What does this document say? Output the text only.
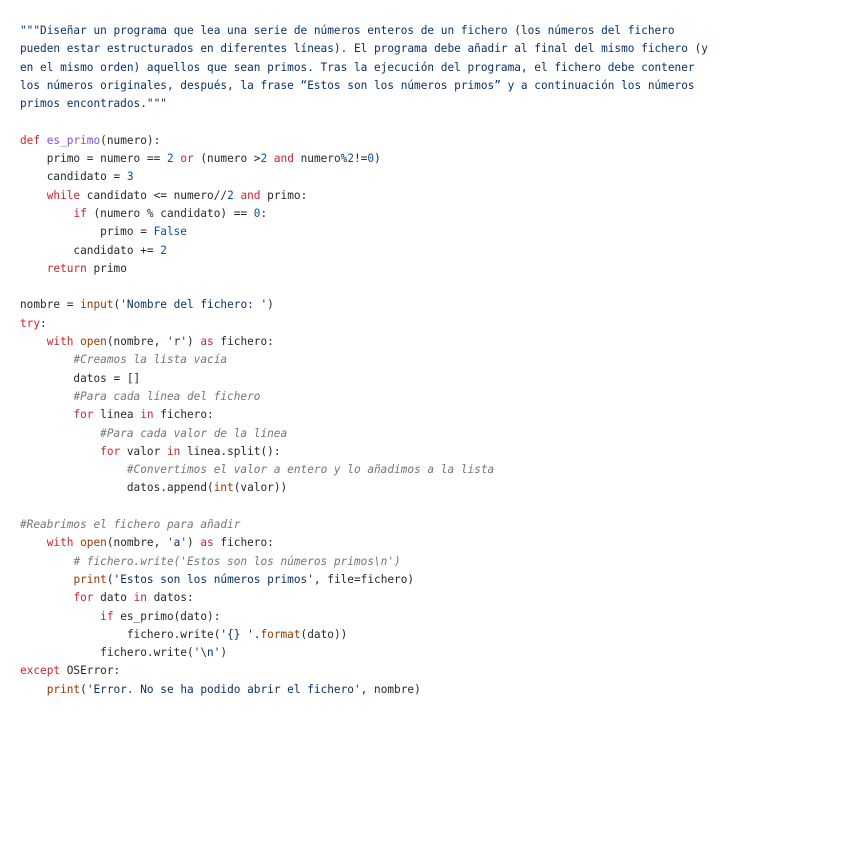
"""Diseñar un programa que lea una serie de números enteros de un fichero (los números del fichero
pueden estar estructurados en diferentes líneas). El programa debe añadir al final del mismo fichero (y
en el mismo orden) aquellos que sean primos. Tras la ejecución del programa, el fichero debe contener
los números originales, después, la frase “Estos son los números primos” y a continuación los números
primos encontrados."""
def es_primo(numero):
primo = numero == 2 or (numero >2 and numero%2!=0)
candidato = 3
while candidato <= numero//2 and primo:
if (numero % candidato) == 0:
primo = False
candidato += 2
return primo
nombre = input('Nombre del fichero: ')
try:
with open(nombre, 'r') as fichero:
#Creamos la lista vacía
datos = []
#Para cada línea del fichero
for linea in fichero:
#Para cada valor de la línea
for valor in linea.split():
#Convertimos el valor a entero y lo añadimos a la lista
datos.append(int(valor))
#Reabrimos el fichero para añadir
with open(nombre, 'a') as fichero:
# fichero.write('Estos son los números primos\n')
print('Estos son los números primos', file=fichero)
for dato in datos:
if es_primo(dato):
fichero.write('{} '.format(dato))
fichero.write('\n')
except OSError:
print('Error. No se ha podido abrir el fichero', nombre)
